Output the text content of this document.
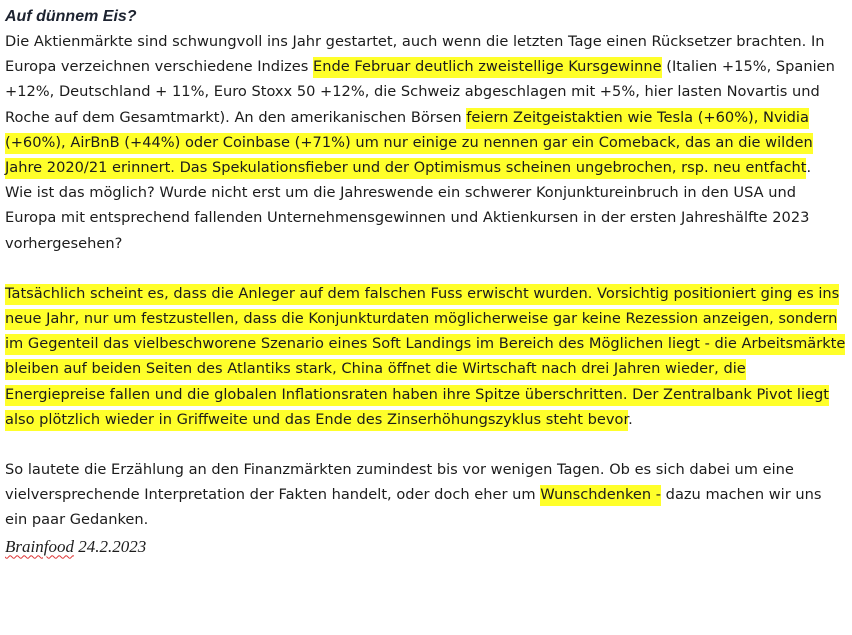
Auf dünnem Eis?

Die Aktienmärkte sind schwungvoll ins Jahr gestartet, auch wenn die letzten Tage einen Rücksetzer brachten. In Europa verzeichnen verschiedene Indizes Ende Februar deutlich zweistellige Kursgewinne (Italien +15%, Spanien +12%, Deutschland + 11%, Euro Stoxx 50 +12%, die Schweiz abgeschlagen mit +5%, hier lasten Novartis und Roche auf dem Gesamtmarkt). An den amerikanischen Börsen feiern Zeitgeistaktien wie Tesla (+60%), Nvidia (+60%), AirBnB (+44%) oder Coinbase (+71%) um nur einige zu nennen gar ein Comeback, das an die wilden Jahre 2020/21 erinnert. Das Spekulationsfieber und der Optimismus scheinen ungebrochen, rsp. neu entfacht.

Wie ist das möglich? Wurde nicht erst um die Jahreswende ein schwerer Konjunktureinbruch in den USA und Europa mit entsprechend fallenden Unternehmensgewinnen und Aktienkursen in der ersten Jahreshälfte 2023 vorhergesehen?

Tatsächlich scheint es, dass die Anleger auf dem falschen Fuss erwischt wurden. Vorsichtig positioniert ging es ins neue Jahr, nur um festzustellen, dass die Konjunkturdaten möglicherweise gar keine Rezession anzeigen, sondern im Gegenteil das vielbeschworene Szenario eines Soft Landings im Bereich des Möglichen liegt - die Arbeitsmärkte bleiben auf beiden Seiten des Atlantiks stark, China öffnet die Wirtschaft nach drei Jahren wieder, die Energiepreise fallen und die globalen Inflationsraten haben ihre Spitze überschritten. Der Zentralbank Pivot liegt also plötzlich wieder in Griffweite und das Ende des Zinserhöhungszyklus steht bevor.

So lautete die Erzählung an den Finanzmärkten zumindest bis vor wenigen Tagen. Ob es sich dabei um eine vielversprechende Interpretation der Fakten handelt, oder doch eher um Wunschdenken - dazu machen wir uns ein paar Gedanken.

Brainfood 24.2.2023
